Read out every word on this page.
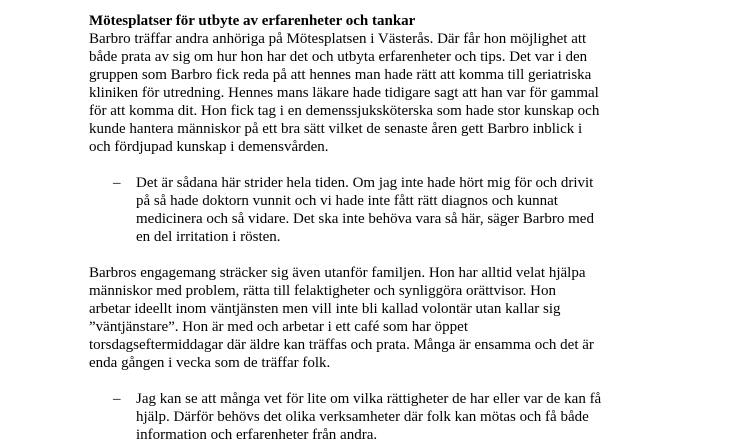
Mötesplatser för utbyte av erfarenheter och tankar

Barbro träffar andra anhöriga på Mötesplatsen i Västerås. Där får hon möjlighet att
både prata av sig om hur hon har det och utbyta erfarenheter och tips. Det var i den
gruppen som Barbro fick reda på att hennes man hade rätt att komma till geriatriska
kliniken för utredning. Hennes mans läkare hade tidigare sagt att han var för gammal
för att komma dit. Hon fick tag i en demenssjuksköterska som hade stor kunskap och
kunde hantera människor på ett bra sätt vilket de senaste åren gett Barbro inblick i
och fördjupad kunskap i demensvården.

– Det är sådana här strider hela tiden. Om jag inte hade hört mig för och drivit
på så hade doktorn vunnit och vi hade inte fått rätt diagnos och kunnat
medicinera och så vidare. Det ska inte behöva vara så här, säger Barbro med
en del irritation i rösten.

Barbros engagemang sträcker sig även utanför familjen. Hon har alltid velat hjälpa
människor med problem, rätta till felaktigheter och synliggöra orättvisor. Hon
arbetar ideellt inom väntjänsten men vill inte bli kallad volontär utan kallar sig
”väntjänstare”. Hon är med och arbetar i ett café som har öppet
torsdagseftermiddagar där äldre kan träffas och prata. Många är ensamma och det är
enda gången i vecka som de träffar folk.

– Jag kan se att många vet för lite om vilka rättigheter de har eller var de kan få
hjälp. Därför behövs det olika verksamheter där folk kan mötas och få både
information och erfarenheter från andra.
